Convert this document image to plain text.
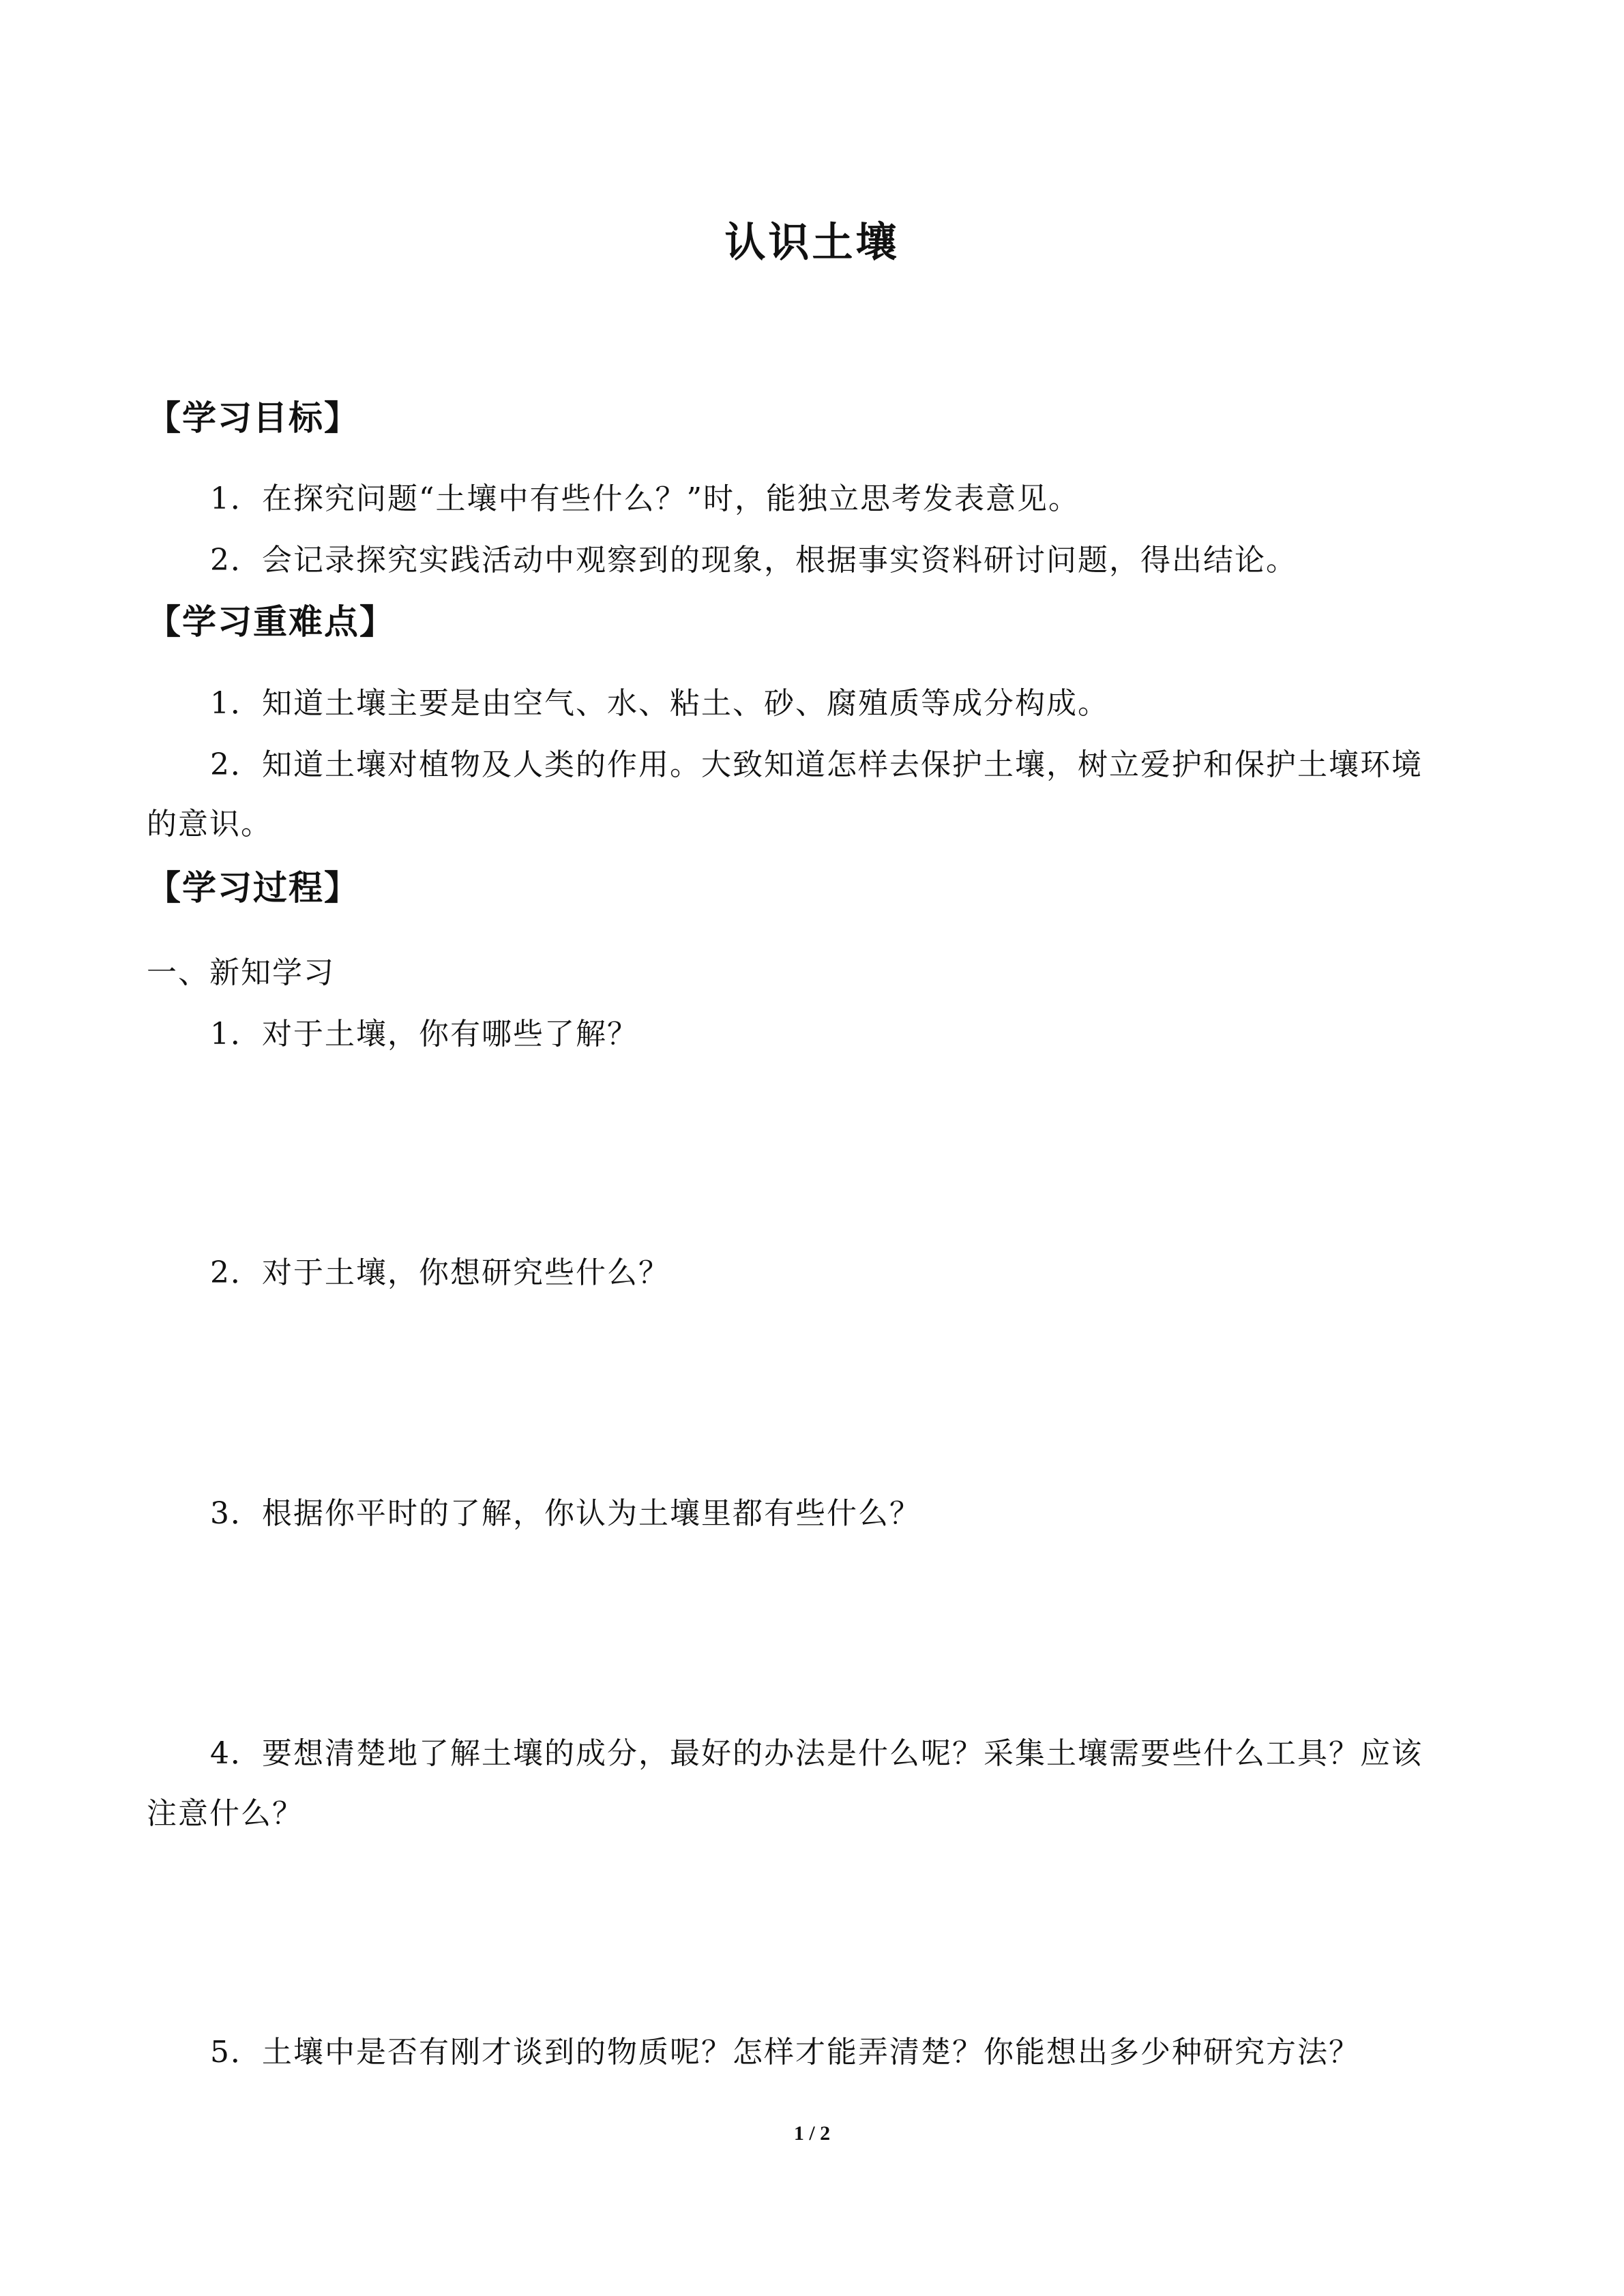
认识土壤
【学习目标】
1．在探究问题“土壤中有些什么？”时，能独立思考发表意见。
2．会记录探究实践活动中观察到的现象，根据事实资料研讨问题，得出结论。
【学习重难点】
1．知道土壤主要是由空气、水、粘土、砂、腐殖质等成分构成。
2．知道土壤对植物及人类的作用。大致知道怎样去保护土壤，树立爱护和保护土壤环境
的意识。
【学习过程】
一、新知学习
1．对于土壤，你有哪些了解？
2．对于土壤，你想研究些什么？
3．根据你平时的了解，你认为土壤里都有些什么？
4．要想清楚地了解土壤的成分，最好的办法是什么呢？采集土壤需要些什么工具？应该
注意什么？
5．土壤中是否有刚才谈到的物质呢？怎样才能弄清楚？你能想出多少种研究方法？
1 / 2
